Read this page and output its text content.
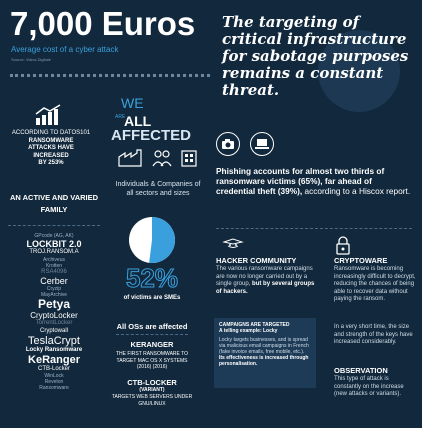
7,000 Euros
Average cost of a cyber attack
Source: Visiva Digitale
The targeting of critical infrastructure for sabotage purposes remains a constant threat.
ACCORDING TO DATOS101
RANSOMWARE
ATTACKS HAVE
INCREASED
BY 253%
WE
ARE
ALL
AFFECTED
Individuals & Companies of all sectors and sizes
Phishing accounts for almost two thirds of ransomware victims (65%), far ahead of credential theft (39%), according to a Hiscox report.
AN ACTIVE AND VARIED FAMILY
GPcode (AG, AK)
LOCKBIT 2.0
TROJ.RANSOM.A
Archiveus
Krotten
RSA4096
Cerber
Cryzip
MayArchive
Petya
CryptoLocker
TorrentLocker
Cryptowall
TeslaCrypt
Locky Ransomware
KeRanger
CTB-Locker
WinLock
Reveton
Ransomware
52%
of victims are SMEs
All OSs are affected
KERANGER
THE FIRST RANSOMWARE TO TARGET MAC OS X SYSTEMS (2016) (2016)
CTB-LOCKER
(VARIANT)
TARGETS WEB SERVERS UNDER GNU/LINUX
HACKER COMMUNITY
The various ransomware campaigns are now no longer carried out by a single group, but by several groups of hackers.
CAMPAIGNS ARE TARGETED
A telling example: Locky
Locky targets businesses, and is spread via malicious email campaigns in French (fake invoice emails, free mobile, etc.). Its effectiveness is increased through personalisation.
CRYPTOWARE
Ransomware is becoming increasingly difficult to decrypt, reducing the chances of being able to recover data without paying the ransom.
In a very short time, the size and strength of the keys have increased considerably.
OBSERVATION
This type of attack is constantly on the increase (new attacks or variants).
